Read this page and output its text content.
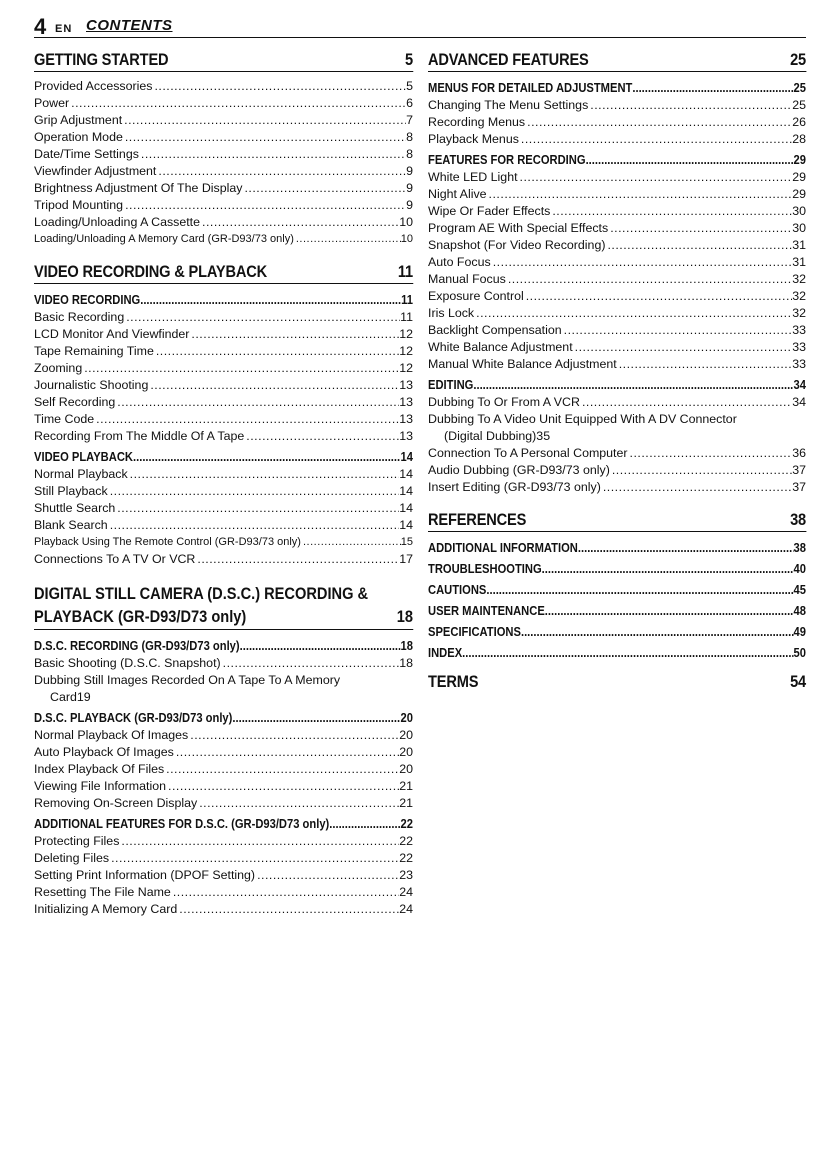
4 EN CONTENTS
GETTING STARTED	5
Provided Accessories .....	5
Power .....	6
Grip Adjustment .....	7
Operation Mode .....	8
Date/Time Settings .....	8
Viewfinder Adjustment .....	9
Brightness Adjustment Of The Display .....	9
Tripod Mounting .....	9
Loading/Unloading A Cassette .....	10
Loading/Unloading A Memory Card (GR-D93/73 only) .....	10
VIDEO RECORDING & PLAYBACK	11
VIDEO RECORDING .....	11
Basic Recording .....	11
LCD Monitor And Viewfinder .....	12
Tape Remaining Time .....	12
Zooming .....	12
Journalistic Shooting .....	13
Self Recording .....	13
Time Code .....	13
Recording From The Middle Of A Tape .....	13
VIDEO PLAYBACK .....	14
Normal Playback .....	14
Still Playback .....	14
Shuttle Search .....	14
Blank Search .....	14
Playback Using The Remote Control (GR-D93/73 only) .....	15
Connections To A TV Or VCR .....	17
DIGITAL STILL CAMERA (D.S.C.) RECORDING &
PLAYBACK (GR-D93/D73 only)	18
D.S.C. RECORDING (GR-D93/D73 only) .....	18
Basic Shooting (D.S.C. Snapshot) .....	18
Dubbing Still Images Recorded On A Tape To A Memory
Card 19
D.S.C. PLAYBACK (GR-D93/D73 only) .....	20
Normal Playback Of Images .....	20
Auto Playback Of Images .....	20
Index Playback Of Files .....	20
Viewing File Information .....	21
Removing On-Screen Display .....	21
ADDITIONAL FEATURES FOR D.S.C. (GR-D93/D73 only) .....	22
Protecting Files .....	22
Deleting Files .....	22
Setting Print Information (DPOF Setting) .....	23
Resetting The File Name .....	24
Initializing A Memory Card .....	24
ADVANCED FEATURES	25
MENUS FOR DETAILED ADJUSTMENT .....	25
Changing The Menu Settings .....	25
Recording Menus .....	26
Playback Menus .....	28
FEATURES FOR RECORDING .....	29
White LED Light .....	29
Night Alive .....	29
Wipe Or Fader Effects .....	30
Program AE With Special Effects .....	30
Snapshot (For Video Recording) .....	31
Auto Focus .....	31
Manual Focus .....	32
Exposure Control .....	32
Iris Lock .....	32
Backlight Compensation .....	33
White Balance Adjustment .....	33
Manual White Balance Adjustment .....	33
EDITING .....	34
Dubbing To Or From A VCR .....	34
Dubbing To A Video Unit Equipped With A DV Connector
(Digital Dubbing) 35
Connection To A Personal Computer .....	36
Audio Dubbing (GR-D93/73 only) .....	37
Insert Editing (GR-D93/73 only) .....	37
REFERENCES	38
ADDITIONAL INFORMATION .....	38
TROUBLESHOOTING .....	40
CAUTIONS .....	45
USER MAINTENANCE .....	48
SPECIFICATIONS .....	49
INDEX .....	50
TERMS	54
